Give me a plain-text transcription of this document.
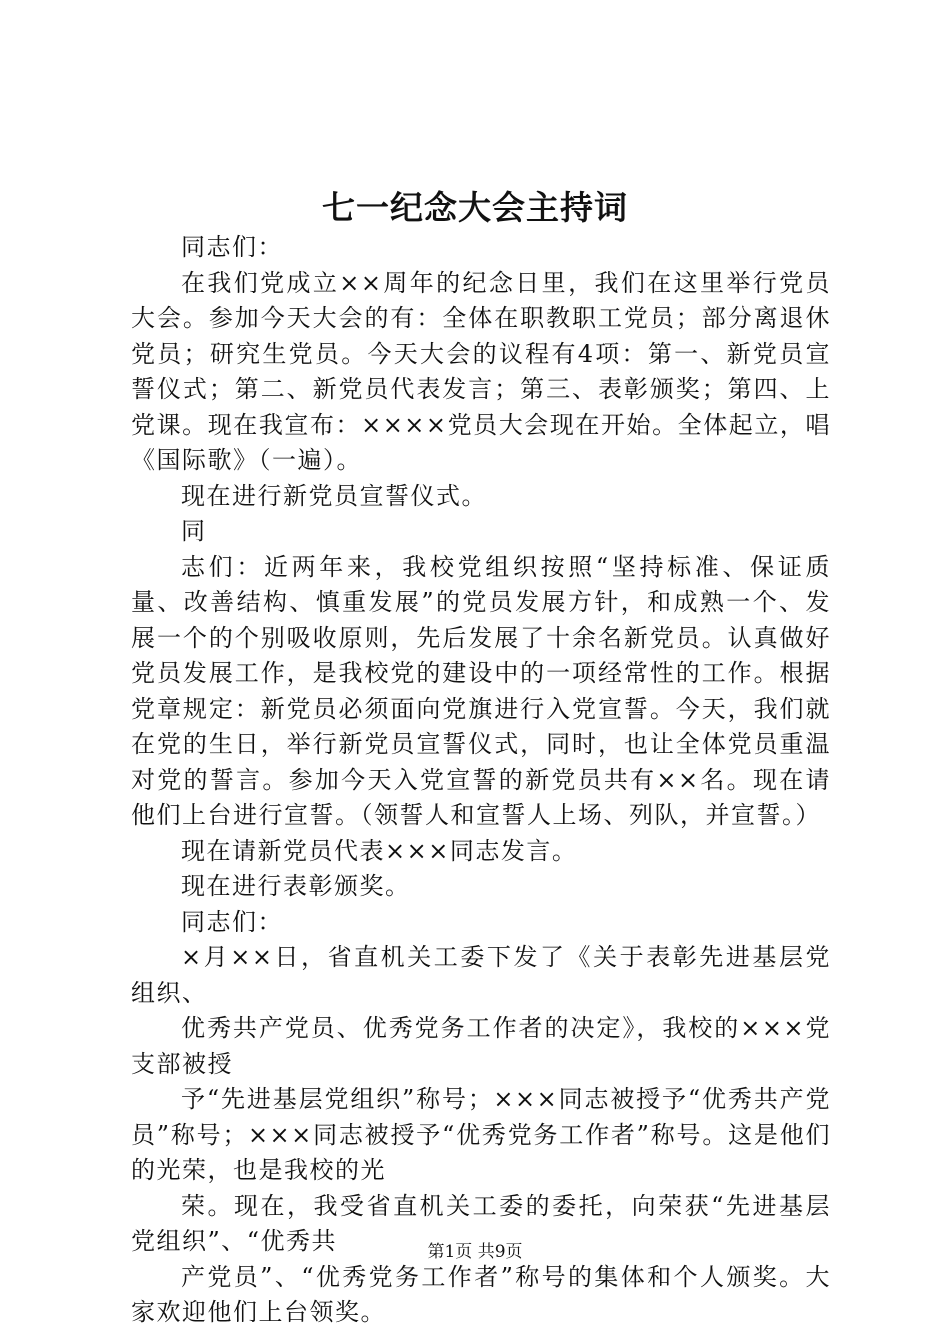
七一纪念大会主持词

同志们：

在我们党成立××周年的纪念日里，我们在这里举行党员大会。参加今天大会的有：全体在职教职工党员；部分离退休党员；研究生党员。今天大会的议程有4项：第一、新党员宣誓仪式；第二、新党员代表发言；第三、表彰颁奖；第四、上党课。现在我宣布：××××党员大会现在开始。全体起立，唱《国际歌》（一遍）。

现在进行新党员宣誓仪式。

同

志们：近两年来，我校党组织按照“坚持标准、保证质量、改善结构、慎重发展”的党员发展方针，和成熟一个、发展一个的个别吸收原则，先后发展了十余名新党员。认真做好党员发展工作，是我校党的建设中的一项经常性的工作。根据党章规定：新党员必须面向党旗进行入党宣誓。今天，我们就在党的生日，举行新党员宣誓仪式，同时，也让全体党员重温对党的誓言。参加今天入党宣誓的新党员共有××名。现在请他们上台进行宣誓。（领誓人和宣誓人上场、列队，并宣誓。）

现在请新党员代表×××同志发言。

现在进行表彰颁奖。

同志们：

×月××日，省直机关工委下发了《关于表彰先进基层党组织、

优秀共产党员、优秀党务工作者的决定》，我校的×××党支部被授

予“先进基层党组织”称号；×××同志被授予“优秀共产党员”称号；×××同志被授予“优秀党务工作者”称号。这是他们的光荣，也是我校的光

荣。现在，我受省直机关工委的委托，向荣获“先进基层党组织”、“优秀共

产党员”、“优秀党务工作者”称号的集体和个人颁奖。大家欢迎他们上台领奖。

第1页 共9页
